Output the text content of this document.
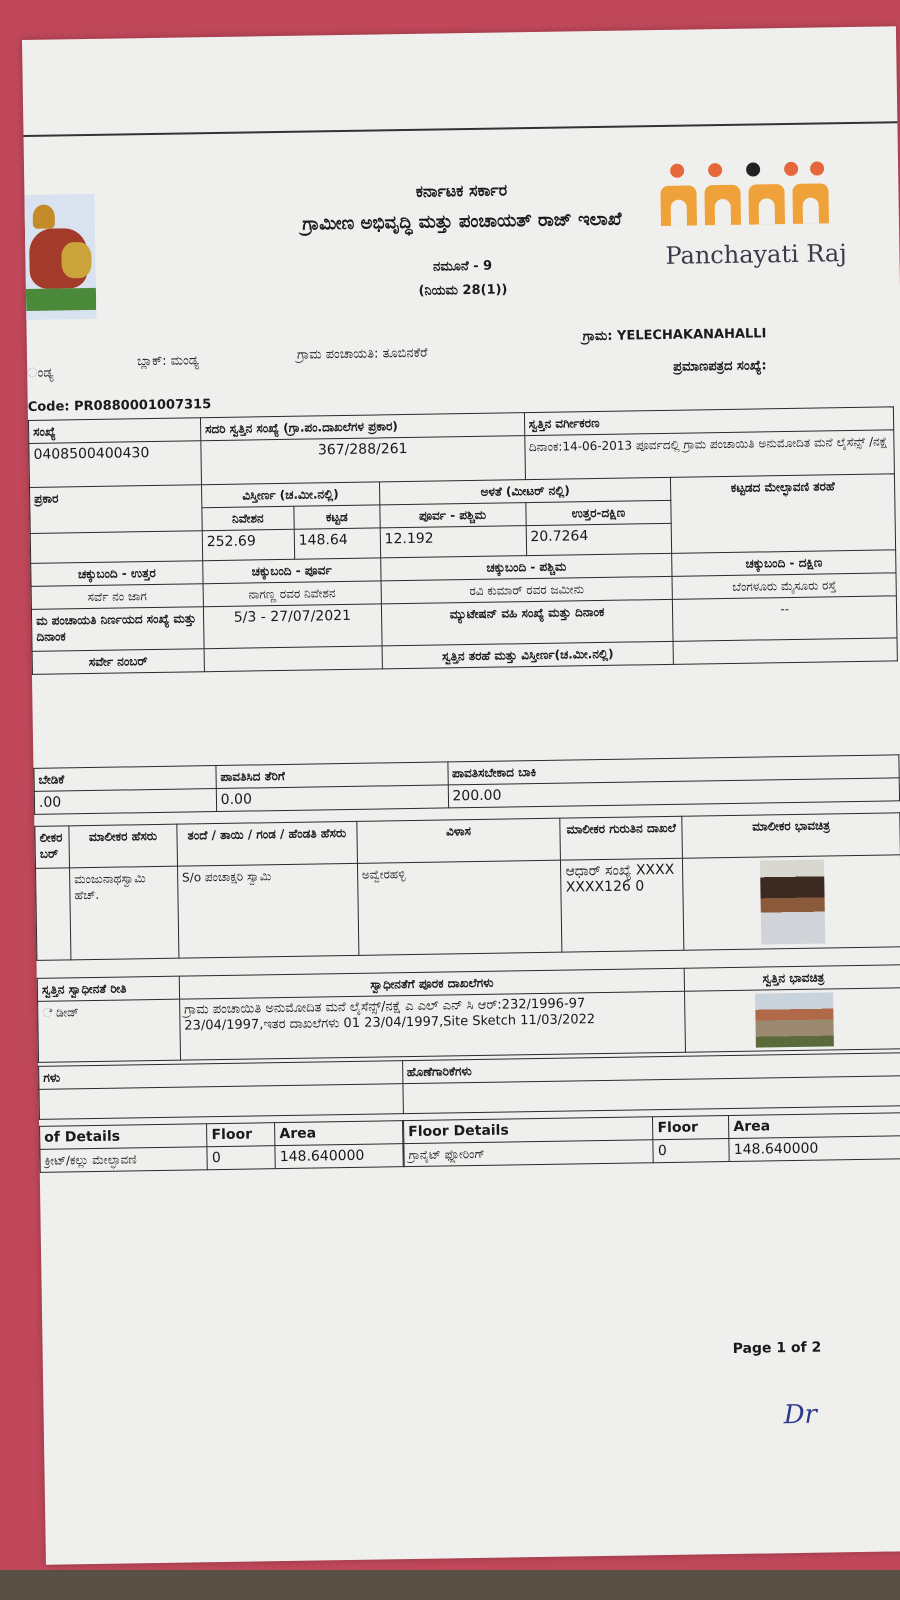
ಕರ್ನಾಟಕ ಸರ್ಕಾರ
ಗ್ರಾಮೀಣ ಅಭಿವೃದ್ಧಿ ಮತ್ತು ಪಂಚಾಯತ್ ರಾಜ್ ಇಲಾಖೆ
ನಮೂನೆ - 9
(ನಿಯಮ 28(1))
Panchayati Raj
ಂಡ್ಯ
ಬ್ಲಾಕ್: ಮಂಡ್ಯ	ಗ್ರಾಮ ಪಂಚಾಯತಿ: ತೂಬಿನಕೆರೆ
ಗ್ರಾಮ: YELECHAKANAHALLI
ಪ್ರಮಾಣಪತ್ರದ ಸಂಖ್ಯೆ:
Code: PR0880001007315
ಸಂಖ್ಯೆ	ಸದರಿ ಸ್ವತ್ತಿನ ಸಂಖ್ಯೆ (ಗ್ರಾ.ಪಂ.ದಾಖಲೆಗಳ ಪ್ರಕಾರ)			ಸ್ವತ್ತಿನ ವರ್ಗೀಕರಣ	
0408500400430	367/288/261			ದಿನಾಂಕ:14-06-2013 ಪೂರ್ವದಲ್ಲಿ ಗ್ರಾಮ ಪಂಚಾಯಿತಿ ಅನುಮೋದಿತ ಮನೆ ಲೈಸೆನ್ಸ್ /ನಕ್ಷೆ	
ಪ್ರಕಾರ	ವಿಸ್ತೀರ್ಣ (ಚ.ಮೀ.ನಲ್ಲಿ)		ಅಳತೆ (ಮೀಟರ್ ನಲ್ಲಿ)		ಕಟ್ಟಡದ ಮೇಲ್ಛಾವಣಿ ತರಹೆ
	ನಿವೇಶನ	ಕಟ್ಟಡ	ಪೂರ್ವ - ಪಶ್ಚಿಮ	ಉತ್ತರ-ದಕ್ಷಿಣ	
	252.69	148.64	12.192	20.7264	
ಚಕ್ಕುಬಂದಿ - ಉತ್ತರ	ಚಕ್ಕುಬಂದಿ - ಪೂರ್ವ		ಚಕ್ಕುಬಂದಿ - ಪಶ್ಚಿಮ		ಚಕ್ಕುಬಂದಿ - ದಕ್ಷಿಣ
ಸರ್ವೆ ನಂ ಜಾಗ	ನಾಗಣ್ಣ ರವರ ನಿವೇಶನ		ರವಿ ಕುಮಾರ್ ರವರ ಜಮೀನು		ಬೆಂಗಳೂರು ಮೈಸೂರು ರಸ್ತೆ
ಮ ಪಂಚಾಯತಿ ನಿರ್ಣಯದ ಸಂಖ್ಯೆ ಮತ್ತು ದಿನಾಂಕ	5/3 - 27/07/2021		ಮ್ಯುಟೇಷನ್ ವಹಿ ಸಂಖ್ಯೆ ಮತ್ತು ದಿನಾಂಕ		--
ಸರ್ವೇ ನಂಬರ್			ಸ್ವತ್ತಿನ ತರಹೆ ಮತ್ತು ವಿಸ್ತೀರ್ಣ(ಚ.ಮೀ.ನಲ್ಲಿ)		
ಬೇಡಿಕೆ	ಪಾವತಿಸಿದ ತೆರಿಗೆ	ಪಾವತಿಸಬೇಕಾದ ಬಾಕಿ
.00	0.00	200.00
ಲೀಕರ ಬರ್	ಮಾಲೀಕರ ಹೆಸರು	ತಂದೆ / ತಾಯಿ / ಗಂಡ / ಹೆಂಡತಿ ಹೆಸರು	ವಿಳಾಸ	ಮಾಲೀಕರ ಗುರುತಿನ ದಾಖಲೆ	ಮಾಲೀಕರ ಭಾವಚಿತ್ರ
	ಮಂಜುನಾಥಸ್ವಾಮಿ ಹೆಚ್.	S/o ಪಂಚಾಕ್ಷರಿ ಸ್ವಾಮಿ	ಅವ್ವೇರಹಳ್ಳಿ	ಆಧಾರ್ ಸಂಖ್ಯೆ XXXXXXXX126 0	
ಸ್ವತ್ತಿನ ಸ್ವಾಧೀನತೆ ರೀತಿ	ಸ್ವಾಧೀನತೆಗೆ ಪೂರಕ ದಾಖಲೆಗಳು	ಸ್ವತ್ತಿನ ಭಾವಚಿತ್ರ
ೆ ಡೀಡ್	ಗ್ರಾಮ ಪಂಚಾಯಿತಿ ಅನುಮೋದಿತ ಮನೆ ಲೈಸೆನ್ಸ್/ನಕ್ಷೆ ಎ ಎಲ್ ಎನ್ ಸಿ ಆರ್:232/1996-97 23/04/1997,ಇತರ ದಾಖಲೆಗಳು 01 23/04/1997,Site Sketch 11/03/2022	
ಗಳು	ಹೊಣೆಗಾರಿಕೆಗಳು

of Details	Floor	Area
ಕ್ರೀಟ್/ಕಲ್ಲು ಮೇಲ್ಛಾವಣಿ	0	148.640000
Floor Details	Floor	Area
ಗ್ರಾನೈಟ್ ಫ್ಲೋರಿಂಗ್	0	148.640000
Page 1 of 2
Dr
